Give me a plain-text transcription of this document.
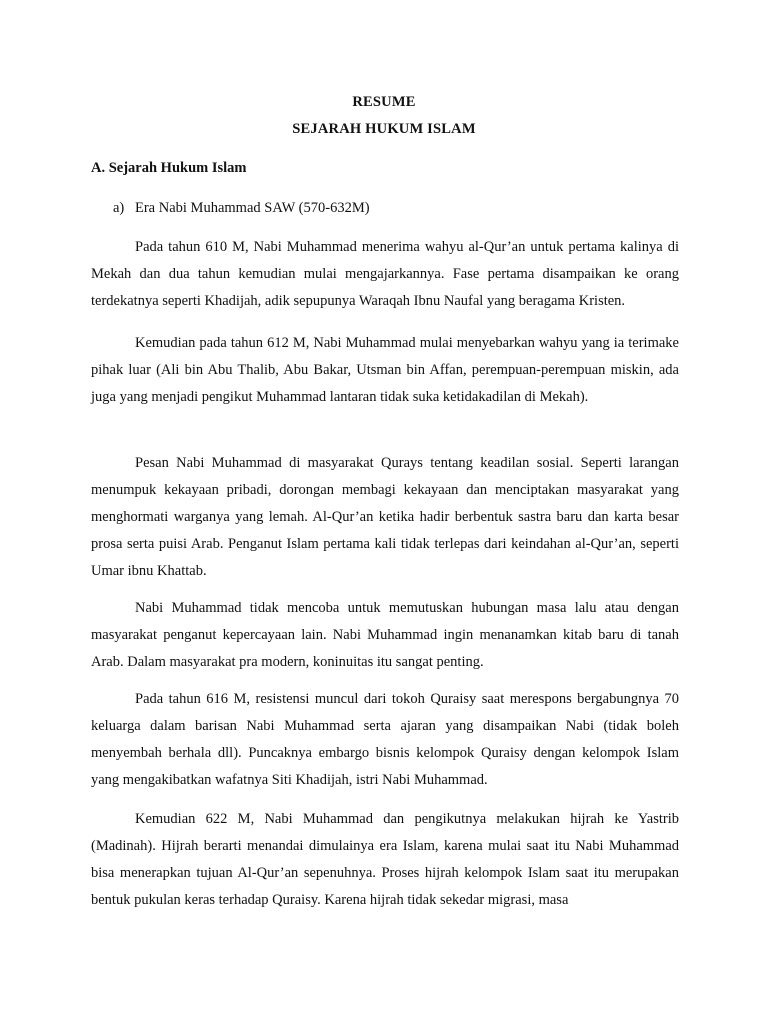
RESUME
SEJARAH HUKUM ISLAM
A. Sejarah Hukum Islam
a) Era Nabi Muhammad SAW (570-632M)

Pada tahun 610 M, Nabi Muhammad menerima wahyu al-Qur’an untuk pertama kalinya di Mekah dan dua tahun kemudian mulai mengajarkannya. Fase pertama disampaikan ke orang terdekatnya seperti Khadijah, adik sepupunya Waraqah Ibnu Naufal yang beragama Kristen.

Kemudian pada tahun 612 M, Nabi Muhammad mulai menyebarkan wahyu yang ia terimake pihak luar (Ali bin Abu Thalib, Abu Bakar, Utsman bin Affan, perempuan-perempuan miskin, ada juga yang menjadi pengikut Muhammad lantaran tidak suka ketidakadilan di Mekah).

Pesan Nabi Muhammad di masyarakat Qurays tentang keadilan sosial. Seperti larangan menumpuk kekayaan pribadi, dorongan membagi kekayaan dan menciptakan masyarakat yang menghormati warganya yang lemah. Al-Qur’an ketika hadir berbentuk sastra baru dan karta besar prosa serta puisi Arab. Penganut Islam pertama kali tidak terlepas dari keindahan al-Qur’an, seperti Umar ibnu Khattab.

Nabi Muhammad tidak mencoba untuk memutuskan hubungan masa lalu atau dengan masyarakat penganut kepercayaan lain. Nabi Muhammad ingin menanamkan kitab baru di tanah Arab. Dalam masyarakat pra modern, koninuitas itu sangat penting.

Pada tahun 616 M, resistensi muncul dari tokoh Quraisy saat merespons bergabungnya 70 keluarga dalam barisan Nabi Muhammad serta ajaran yang disampaikan Nabi (tidak boleh menyembah berhala dll). Puncaknya embargo bisnis kelompok Quraisy dengan kelompok Islam yang mengakibatkan wafatnya Siti Khadijah, istri Nabi Muhammad.

Kemudian 622 M, Nabi Muhammad dan pengikutnya melakukan hijrah ke Yastrib (Madinah). Hijrah berarti menandai dimulainya era Islam, karena mulai saat itu Nabi Muhammad bisa menerapkan tujuan Al-Qur’an sepenuhnya. Proses hijrah kelompok Islam saat itu merupakan bentuk pukulan keras terhadap Quraisy. Karena hijrah tidak sekedar migrasi, masa
